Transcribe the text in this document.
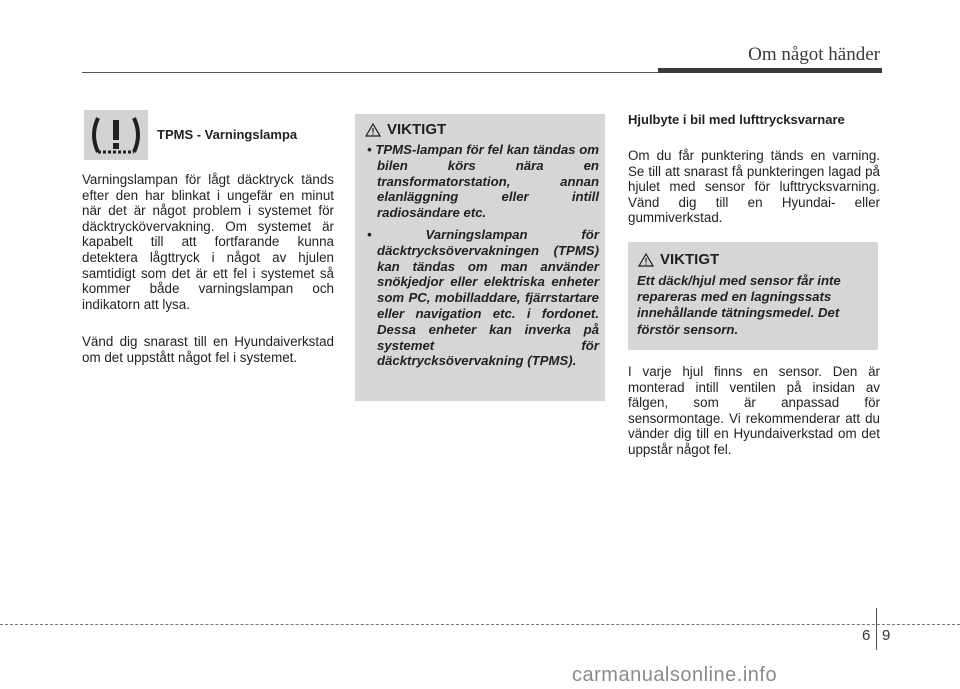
Om något händer
TPMS - Varningslampa

Varningslampan för lågt däcktryck tänds efter den har blinkat i ungefär en minut när det är något problem i systemet för däcktryckövervakning. Om systemet är kapabelt till att fortfarande kunna detektera lågttryck i något av hjulen samtidigt som det är ett fel i systemet så kommer både varningslampan och indikatorn att lysa.

Vänd dig snarast till en Hyundaiverkstad om det uppstått något fel i systemet.

VIKTIGT
• TPMS-lampan för fel kan tändas om bilen körs nära en transformatorstation, annan elanläggning eller intill radiosändare etc.
• Varningslampan för däcktrycksövervakningen (TPMS) kan tändas om man använder snökjedjor eller elektriska enheter som PC, mobilladdare, fjärrstartare eller navigation etc. i fordonet. Dessa enheter kan inverka på systemet för däcktrycksövervakning (TPMS).
Hjulbyte i bil med lufttrycksvarnare

Om du får punktering tänds en varning. Se till att snarast få punkteringen lagad på hjulet med sensor för lufttrycksvarning. Vänd dig till en Hyundai- eller gummiverkstad.

VIKTIGT

Ett däck/hjul med sensor får inte repareras med en lagningssats innehållande tätningsmedel. Det förstör sensorn.

I varje hjul finns en sensor. Den är monterad intill ventilen på insidan av fälgen, som är anpassad för sensormontage. Vi rekommenderar att du vänder dig till en Hyundaiverkstad om det uppstår något fel.

6 9
carmanualsonline.info
